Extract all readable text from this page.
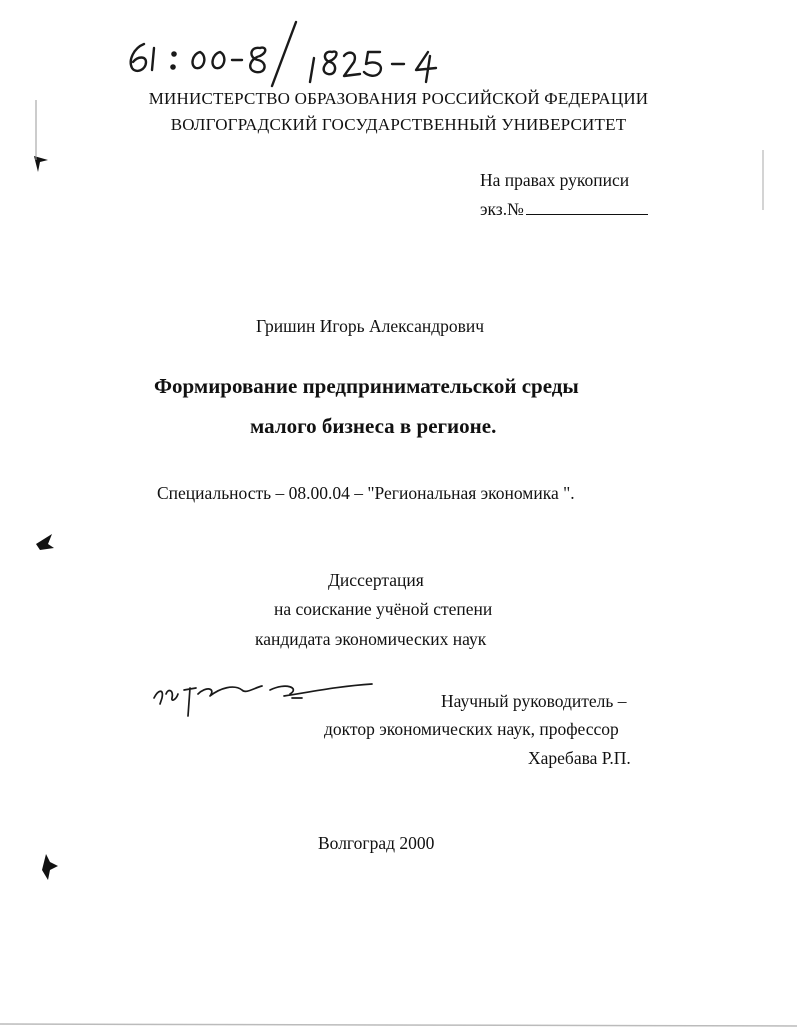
МИНИСТЕРСТВО ОБРАЗОВАНИЯ РОССИЙСКОЙ ФЕДЕРАЦИИ
ВОЛГОГРАДСКИЙ ГОСУДАРСТВЕННЫЙ УНИВЕРСИТЕТ
На правах рукописи
экз.№
Гришин Игорь Александрович
Формирование предпринимательской среды
малого бизнеса в регионе.
Специальность – 08.00.04 – "Региональная экономика ".
Диссертация
на соискание учёной степени
кандидата экономических наук
Научный руководитель –
доктор экономических наук, профессор
Харебава Р.П.
Волгоград 2000
